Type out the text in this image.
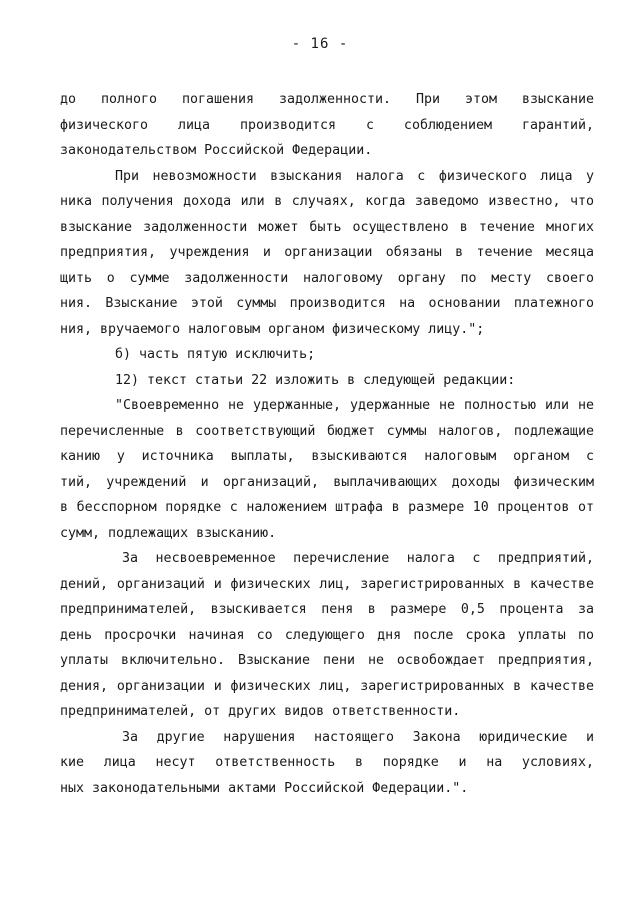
- 16 -
до полного погашения задолженности. При этом взыскание
физического лица производится с соблюдением гарантий,
законодательством Российской Федерации.
При невозможности взыскания налога с физического лица у
ника получения дохода или в случаях, когда заведомо известно, что
взыскание задолженности может быть осуществлено в течение многих
предприятия, учреждения и организации обязаны в течение месяца
щить о сумме задолженности налоговому органу по месту своего
ния. Взыскание этой суммы производится на основании платежного
ния, вручаемого налоговым органом физическому лицу.";
б) часть пятую исключить;
12) текст статьи 22 изложить в следующей редакции:
"Своевременно не удержанные, удержанные не полностью или не
перечисленные в соответствующий бюджет суммы налогов, подлежащие
канию у источника выплаты, взыскиваются налоговым органом с
тий, учреждений и организаций, выплачивающих доходы физическим
в бесспорном порядке с наложением штрафа в размере 10 процентов от
сумм, подлежащих взысканию.
За несвоевременное перечисление налога с предприятий,
дений, организаций и физических лиц, зарегистрированных в качестве
предпринимателей, взыскивается пеня в размере 0,5 процента за
день просрочки начиная со следующего дня после срока уплаты по
уплаты включительно. Взыскание пени не освобождает предприятия,
дения, организации и физических лиц, зарегистрированных в качестве
предпринимателей, от других видов ответственности.
За другие нарушения настоящего Закона юридические и
кие лица несут ответственность в порядке и на условиях,
ных законодательными актами Российской Федерации.".
